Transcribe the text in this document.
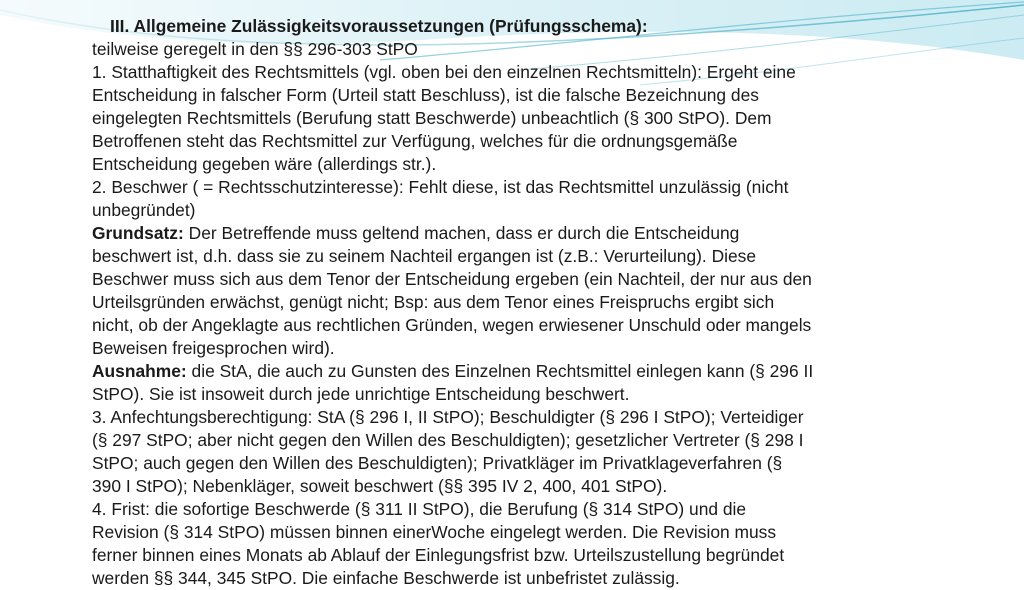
III. Allgemeine Zulässigkeitsvoraussetzungen (Prüfungsschema):
teilweise geregelt in den §§ 296-303 StPO
1. Statthaftigkeit des Rechtsmittels (vgl. oben bei den einzelnen Rechtsmitteln): Ergeht eine
Entscheidung in falscher Form (Urteil statt Beschluss), ist die falsche Bezeichnung des
eingelegten Rechtsmittels (Berufung statt Beschwerde) unbeachtlich (§ 300 StPO). Dem
Betroffenen steht das Rechtsmittel zur Verfügung, welches für die ordnungsgemäße
Entscheidung gegeben wäre (allerdings str.).
2. Beschwer ( = Rechtsschutzinteresse): Fehlt diese, ist das Rechtsmittel unzulässig (nicht
unbegründet)
Grundsatz: Der Betreffende muss geltend machen, dass er durch die Entscheidung
beschwert ist, d.h. dass sie zu seinem Nachteil ergangen ist (z.B.: Verurteilung). Diese
Beschwer muss sich aus dem Tenor der Entscheidung ergeben (ein Nachteil, der nur aus den
Urteilsgründen erwächst, genügt nicht; Bsp: aus dem Tenor eines Freispruchs ergibt sich
nicht, ob der Angeklagte aus rechtlichen Gründen, wegen erwiesener Unschuld oder mangels
Beweisen freigesprochen wird).
Ausnahme: die StA, die auch zu Gunsten des Einzelnen Rechtsmittel einlegen kann (§ 296 II
StPO). Sie ist insoweit durch jede unrichtige Entscheidung beschwert.
3. Anfechtungsberechtigung: StA (§ 296 I, II StPO); Beschuldigter (§ 296 I StPO); Verteidiger
(§ 297 StPO; aber nicht gegen den Willen des Beschuldigten); gesetzlicher Vertreter (§ 298 I
StPO; auch gegen den Willen des Beschuldigten); Privatkläger im Privatklageverfahren (§
390 I StPO); Nebenkläger, soweit beschwert (§§ 395 IV 2, 400, 401 StPO).
4. Frist: die sofortige Beschwerde (§ 311 II StPO), die Berufung (§ 314 StPO) und die
Revision (§ 314 StPO) müssen binnen einerWoche eingelegt werden. Die Revision muss
ferner binnen eines Monats ab Ablauf der Einlegungsfrist bzw. Urteilszustellung begründet
werden §§ 344, 345 StPO. Die einfache Beschwerde ist unbefristet zulässig.
